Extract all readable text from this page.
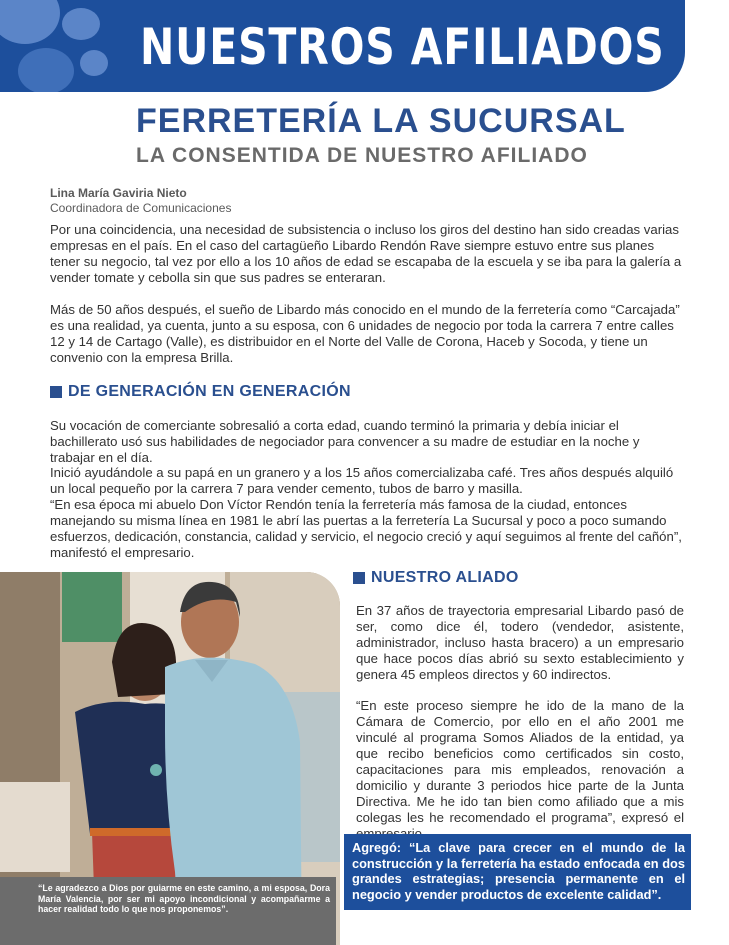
NUESTROS AFILIADOS
FERRETERÍA LA SUCURSAL
LA CONSENTIDA DE NUESTRO AFILIADO
Lina María Gaviria Nieto
Coordinadora de Comunicaciones

Por una coincidencia, una necesidad de subsistencia o incluso los giros del destino han sido creadas varias empresas en el país. En el caso del cartagüeño Libardo Rendón Rave siempre estuvo entre sus planes tener su negocio, tal vez por ello a los 10 años de edad se escapaba de la escuela y se iba para la galería a vender tomate y cebolla sin que sus padres se enteraran.

Más de 50 años después, el sueño de Libardo más conocido en el mundo de la ferretería como “Carcajada” es una realidad, ya cuenta, junto a su esposa, con 6 unidades de negocio por toda la carrera 7 entre calles 12 y 14 de Cartago (Valle), es distribuidor en el Norte del Valle de Corona, Haceb y Socoda, y tiene un convenio con la empresa Brilla.

DE GENERACIÓN EN GENERACIÓN

Su vocación de comerciante sobresalió a corta edad, cuando terminó la primaria y debía iniciar el bachillerato usó sus habilidades de negociador para convencer a su madre de estudiar en la noche y trabajar en el día.

Inició ayudándole a su papá en un granero y a los 15 años comercializaba café. Tres años después alquiló un local pequeño por la carrera 7 para vender cemento, tubos de barro y masilla.

“En esa época mi abuelo Don Víctor Rendón tenía la ferretería más famosa de la ciudad, entonces manejando su misma línea en 1981 le abrí las puertas a la ferretería La Sucursal y poco a poco sumando esfuerzos, dedicación, constancia, calidad y servicio, el negocio creció y aquí seguimos al frente del cañón”, manifestó el empresario.

“Le agradezco a Dios por guiarme en este camino, a mi esposa, Dora María Valencia, por ser mi apoyo incondicional y acompañarme a hacer realidad todo lo que nos proponemos”.

NUESTRO ALIADO

En 37 años de trayectoria empresarial Libardo pasó de ser, como dice él, todero (vendedor, asistente, administrador, incluso hasta bracero) a un empresario que hace pocos días abrió su sexto establecimiento y genera 45 empleos directos y 60 indirectos.

“En este proceso siempre he ido de la mano de la Cámara de Comercio, por ello en el año 2001 me vinculé al programa Somos Aliados de la entidad, ya que recibo beneficios como certificados sin costo, capacitaciones para mis empleados, renovación a domicilio y durante 3 periodos hice parte de la Junta Directiva. Me he ido tan bien como afiliado que a mis colegas les he recomendado el programa”, expresó el

Agregó: “La clave para crecer en el mundo de la construcción y la ferretería ha estado enfocada en dos grandes estrategias; presencia permanente en el negocio y vender productos de excelente calidad”.
